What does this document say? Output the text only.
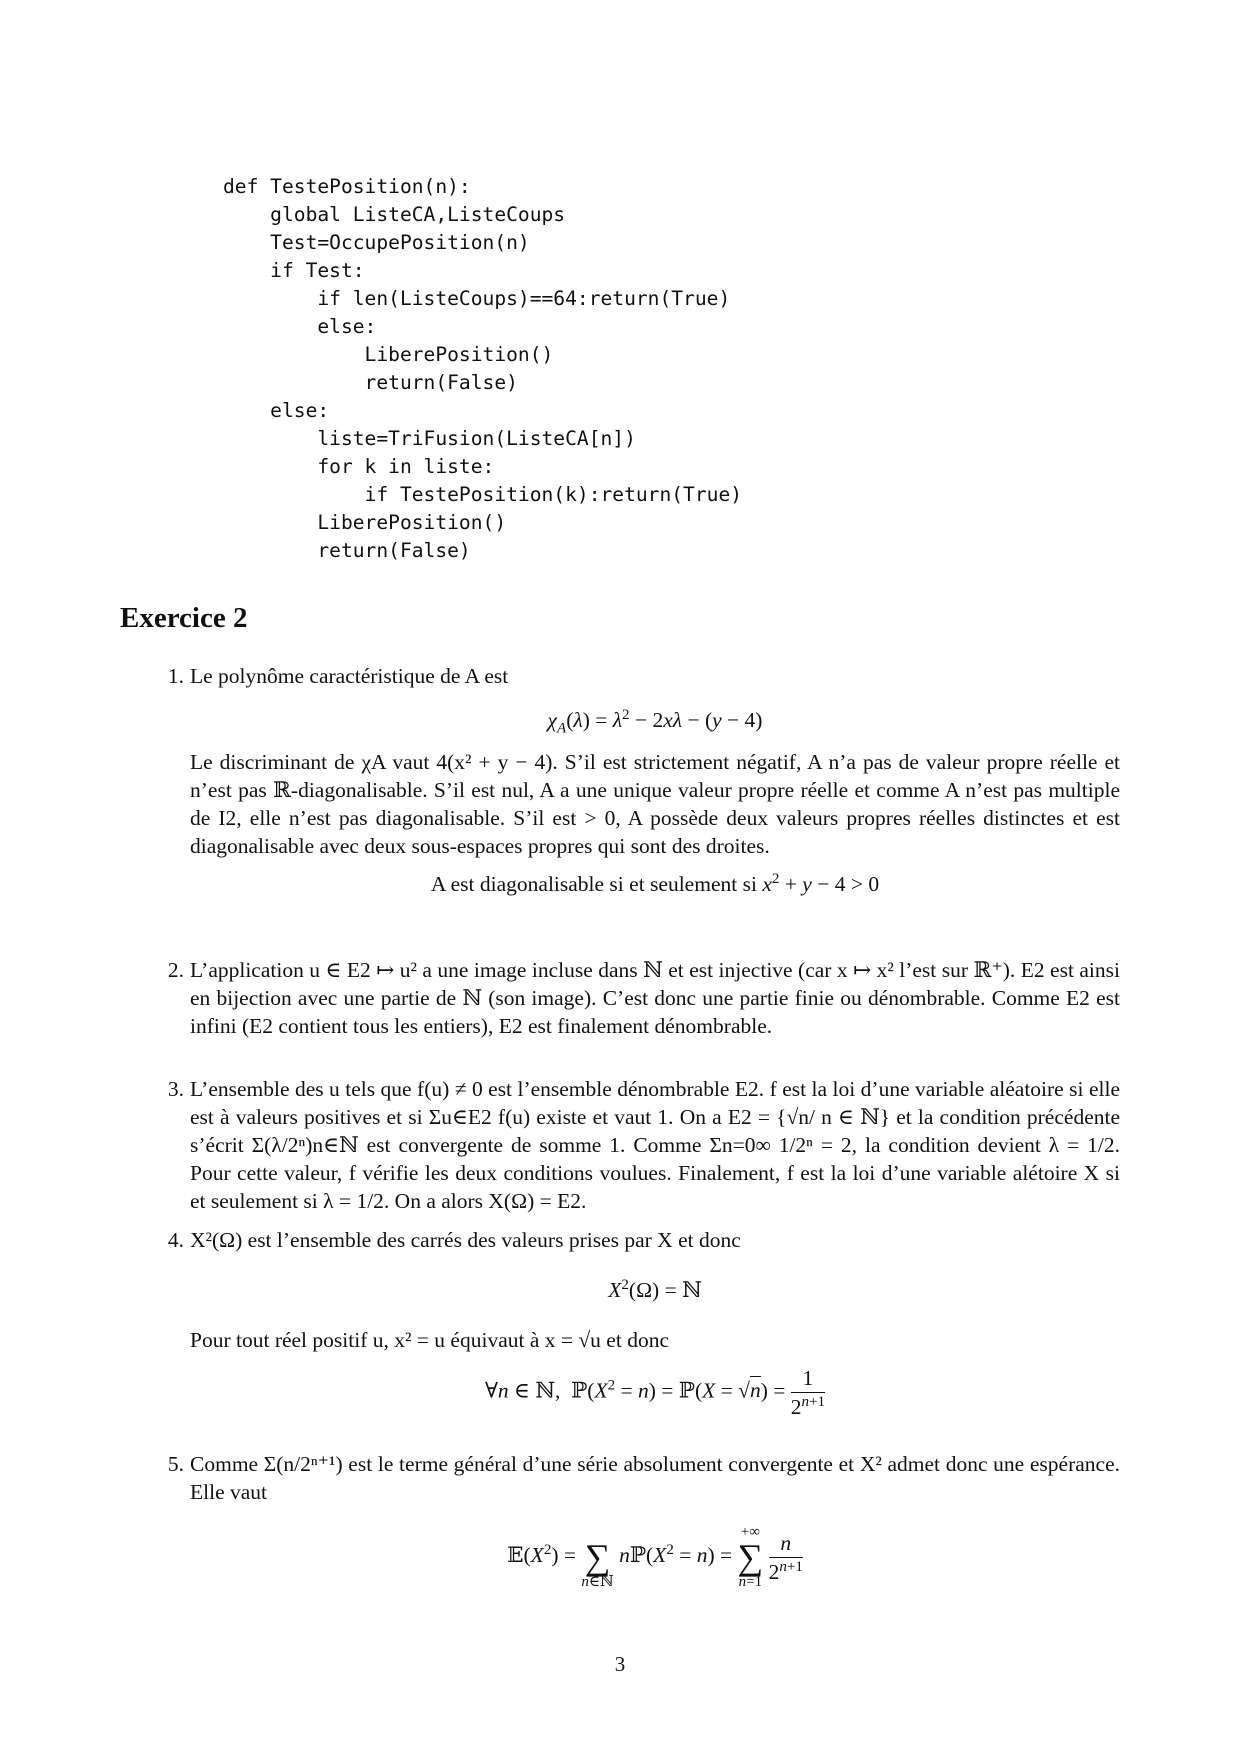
def TestePosition(n):
global ListeCA,ListeCoups
Test=OccupePosition(n)
if Test:
if len(ListeCoups)==64:return(True)
else:
LiberePosition()
return(False)
else:
liste=TriFusion(ListeCA[n])
for k in liste:
if TestePosition(k):return(True)
LiberePosition()
return(False)
Exercice 2
1. Le polynôme caractéristique de A est

$\chi_A(\lambda) = \lambda^2 - 2x\lambda - (y - 4)$

Le discriminant de χA vaut 4(x² + y − 4). S’il est strictement négatif, A n’a pas de valeur propre réelle et n’est pas ℝ-diagonalisable. S’il est nul, A a une unique valeur propre réelle et comme A n’est pas multiple de I2, elle n’est pas diagonalisable. S’il est > 0, A possède deux valeurs propres réelles distinctes et est diagonalisable avec deux sous-espaces propres qui sont des droites.

A est diagonalisable si et seulement si $x^2 + y - 4 > 0$

2. L’application u ∈ E2 ↦ u² a une image incluse dans ℕ et est injective (car x ↦ x² l’est sur ℝ⁺). E2 est ainsi en bijection avec une partie de ℕ (son image). C’est donc une partie finie ou dénombrable. Comme E2 est infini (E2 contient tous les entiers), E2 est finalement dénombrable.

3. L’ensemble des u tels que f(u) ≠ 0 est l’ensemble dénombrable E2. f est la loi d’une variable aléatoire si elle est à valeurs positives et si Σu∈E2 f(u) existe et vaut 1. On a E2 = {√n/ n ∈ ℕ} et la condition précédente s’écrit Σ(λ/2ⁿ)n∈ℕ est convergente de somme 1. Comme Σn=0∞ 1/2ⁿ = 2, la condition devient λ = 1/2. Pour cette valeur, f vérifie les deux conditions voulues. Finalement, f est la loi d’une variable alétoire X si et seulement si λ = 1/2. On a alors X(Ω) = E2.

4. X²(Ω) est l’ensemble des carrés des valeurs prises par X et donc

$X^2(\Omega)$ = ℕ

Pour tout réel positif u, x² = u équivaut à x = √u et donc

∀n ∈ ℕ,  $ℙ(X^2 = n)$ = ℙ(X = $√n) = \frac{1}{2^{n+1}}$

5. Comme Σ(n/2ⁿ⁺¹) est le terme général d’une série absolument convergente et X² admet donc une espérance. Elle vaut

$𝔼(X^2)$ = ∑
n∈ℕ $nℙ(X^2 = n)$ = +∞
∑
$n=1 \frac{n}{2^{n+1}}$

3
